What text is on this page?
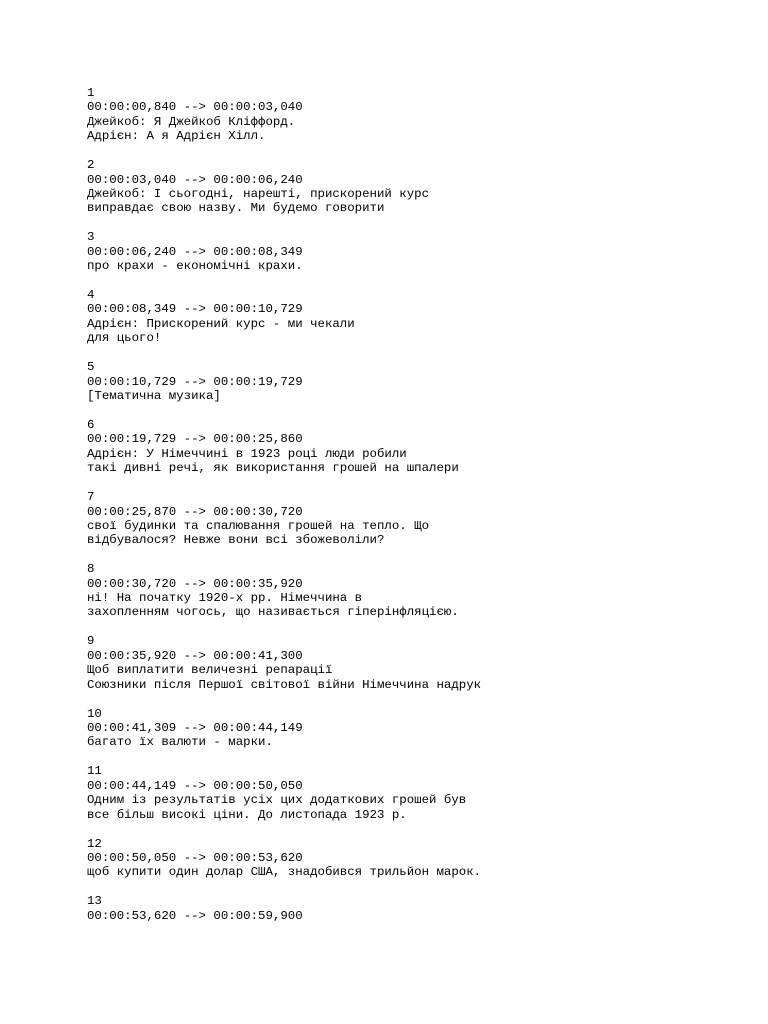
1
00:00:00,840 --> 00:00:03,040
Джейкоб: Я Джейкоб Кліффорд.
Адрієн: А я Адрієн Хілл.
2
00:00:03,040 --> 00:00:06,240
Джейкоб: І сьогодні, нарешті, прискорений курс
виправдає свою назву. Ми будемо говорити
3
00:00:06,240 --> 00:00:08,349
про крахи - економічні крахи.
4
00:00:08,349 --> 00:00:10,729
Адрієн: Прискорений курс - ми чекали
для цього!
5
00:00:10,729 --> 00:00:19,729
[Тематична музика]
6
00:00:19,729 --> 00:00:25,860
Адрієн: У Німеччині в 1923 році люди робили
такі дивні речі, як використання грошей на шпалери
7
00:00:25,870 --> 00:00:30,720
свої будинки та спалювання грошей на тепло. Що
відбувалося? Невже вони всі збожеволіли?
8
00:00:30,720 --> 00:00:35,920
ні! На початку 1920-х рр. Німеччина в
захопленням чогось, що називається гіперінфляцією.
9
00:00:35,920 --> 00:00:41,300
Щоб виплатити величезні репарації
Союзники після Першої світової війни Німеччина надрук
10
00:00:41,309 --> 00:00:44,149
багато їх валюти - марки.
11
00:00:44,149 --> 00:00:50,050
Одним із результатів усіх цих додаткових грошей був
все більш високі ціни. До листопада 1923 р.
12
00:00:50,050 --> 00:00:53,620
щоб купити один долар США, знадобився трильйон марок.
13
00:00:53,620 --> 00:00:59,900
